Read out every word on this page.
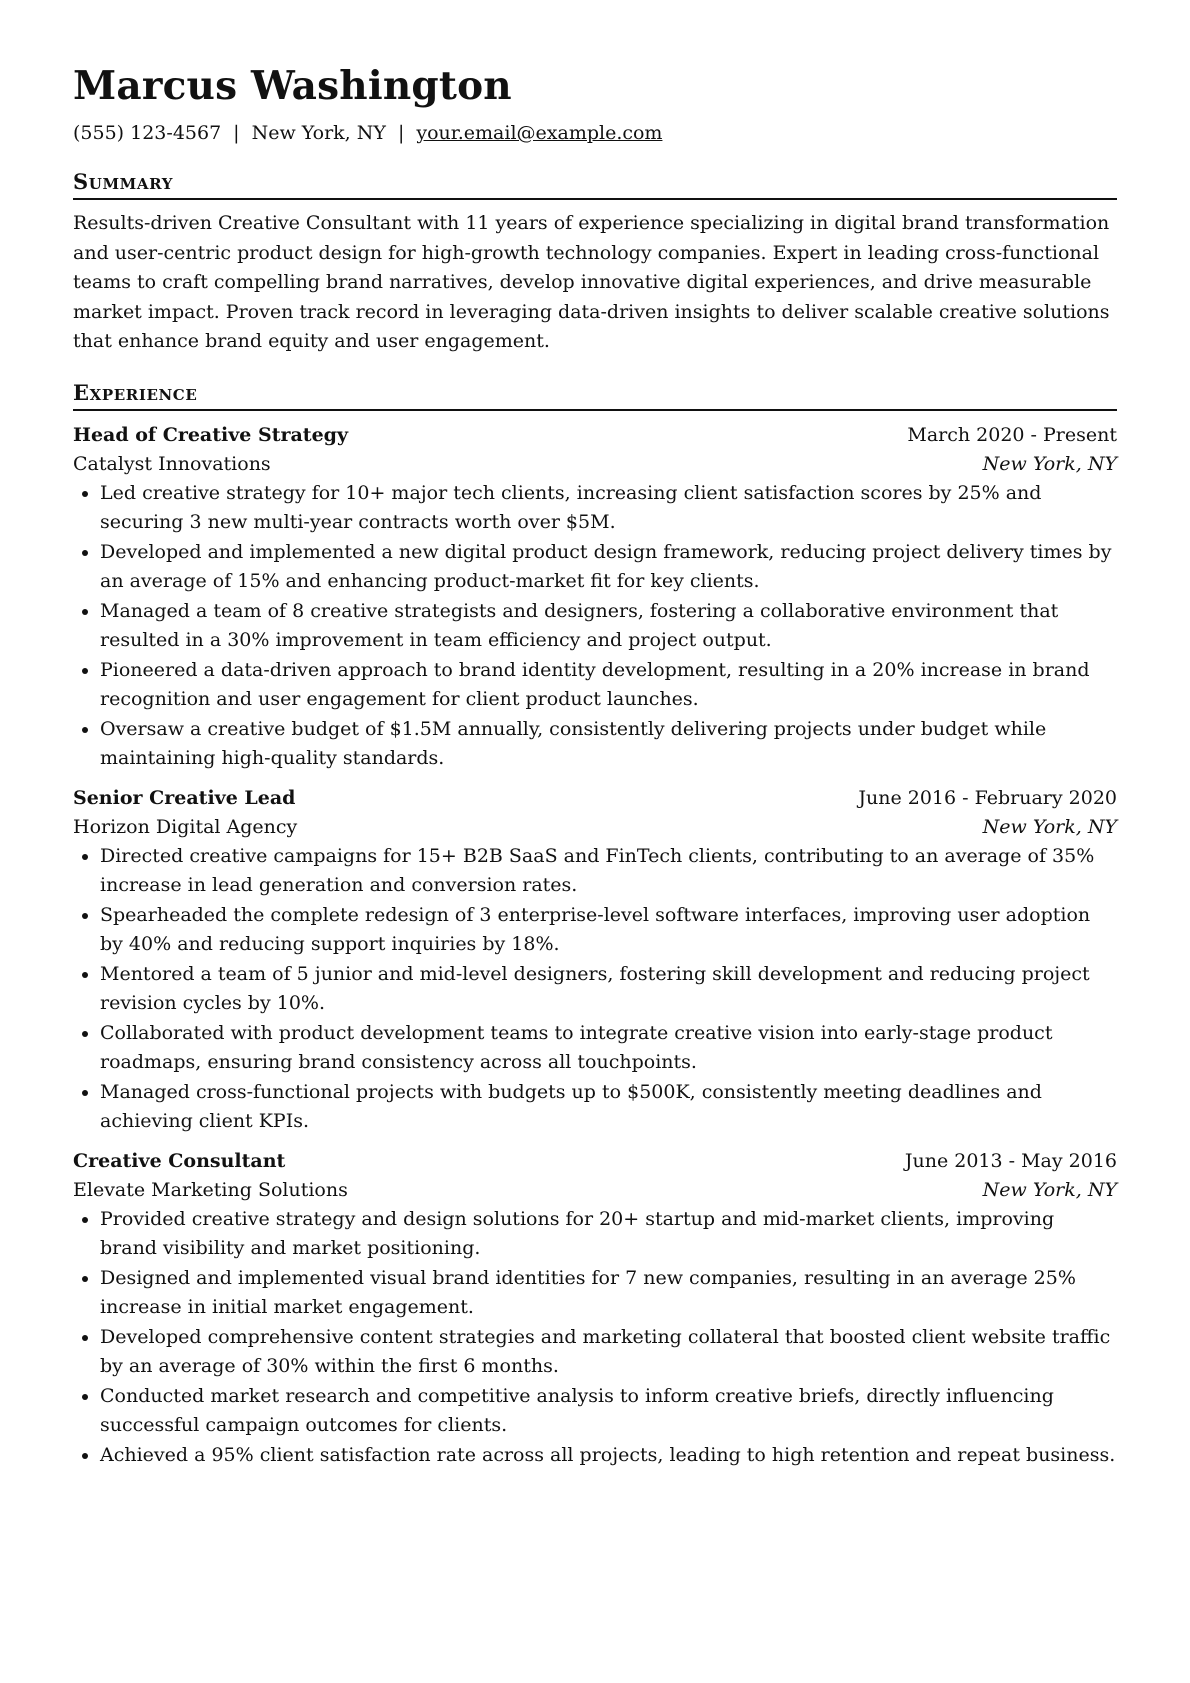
Marcus Washington
(555) 123-4567 | New York, NY | your.email@example.com
Summary
Results-driven Creative Consultant with 11 years of experience specializing in digital brand transformation and user-centric product design for high-growth technology companies. Expert in leading cross-functional teams to craft compelling brand narratives, develop innovative digital experiences, and drive measurable market impact. Proven track record in leveraging data-driven insights to deliver scalable creative solutions that enhance brand equity and user engagement.
Experience
Head of Creative Strategy	March 2020 - Present
Catalyst Innovations	New York, NY
• Led creative strategy for 10+ major tech clients, increasing client satisfaction scores by 25% and securing 3 new multi-year contracts worth over $5M.
• Developed and implemented a new digital product design framework, reducing project delivery times by an average of 15% and enhancing product-market fit for key clients.
• Managed a team of 8 creative strategists and designers, fostering a collaborative environment that resulted in a 30% improvement in team efficiency and project output.
• Pioneered a data-driven approach to brand identity development, resulting in a 20% increase in brand recognition and user engagement for client product launches.
• Oversaw a creative budget of $1.5M annually, consistently delivering projects under budget while maintaining high-quality standards.
Senior Creative Lead	June 2016 - February 2020
Horizon Digital Agency	New York, NY
• Directed creative campaigns for 15+ B2B SaaS and FinTech clients, contributing to an average of 35% increase in lead generation and conversion rates.
• Spearheaded the complete redesign of 3 enterprise-level software interfaces, improving user adoption by 40% and reducing support inquiries by 18%.
• Mentored a team of 5 junior and mid-level designers, fostering skill development and reducing project revision cycles by 10%.
• Collaborated with product development teams to integrate creative vision into early-stage product roadmaps, ensuring brand consistency across all touchpoints.
• Managed cross-functional projects with budgets up to $500K, consistently meeting deadlines and achieving client KPIs.
Creative Consultant	June 2013 - May 2016
Elevate Marketing Solutions	New York, NY
• Provided creative strategy and design solutions for 20+ startup and mid-market clients, improving brand visibility and market positioning.
• Designed and implemented visual brand identities for 7 new companies, resulting in an average 25% increase in initial market engagement.
• Developed comprehensive content strategies and marketing collateral that boosted client website traffic by an average of 30% within the first 6 months.
• Conducted market research and competitive analysis to inform creative briefs, directly influencing successful campaign outcomes for clients.
• Achieved a 95% client satisfaction rate across all projects, leading to high retention and repeat business.
